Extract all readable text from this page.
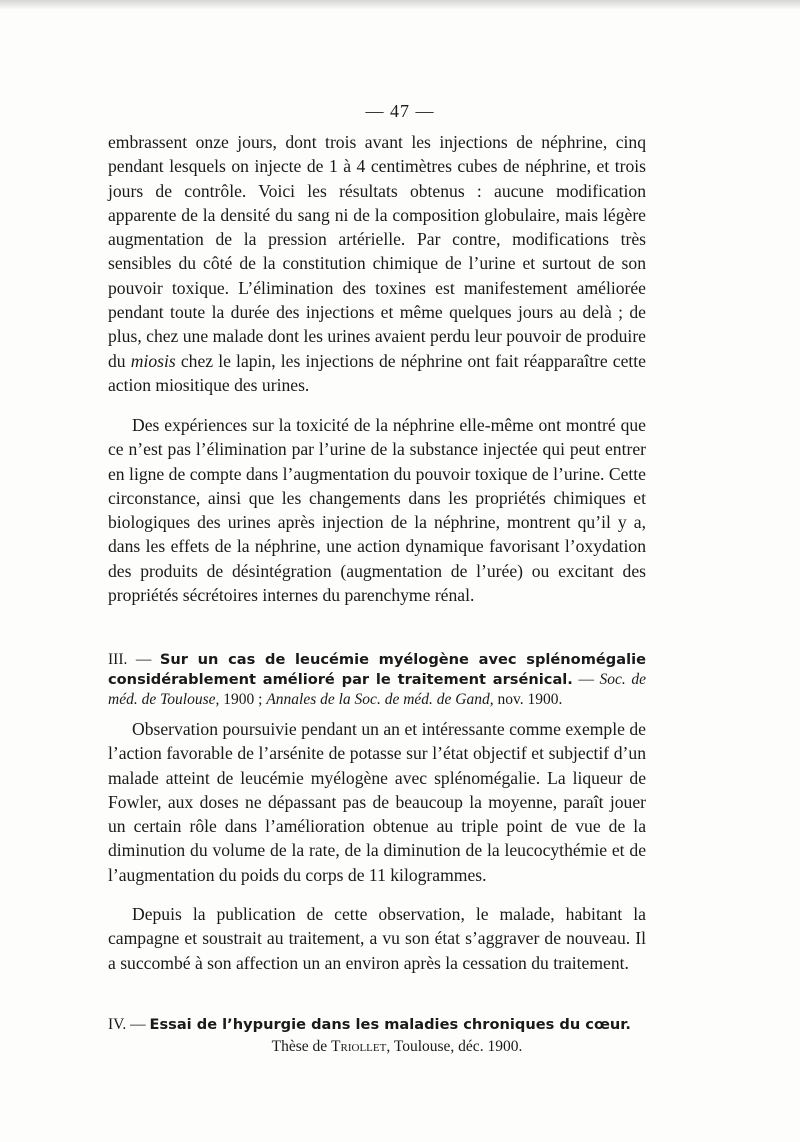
— 47 —

embrassent onze jours, dont trois avant les injections de néphrine, cinq pendant lesquels on injecte de 1 à 4 centimètres cubes de néphrine, et trois jours de contrôle. Voici les résultats obtenus : aucune modification apparente de la densité du sang ni de la composition globulaire, mais légère augmentation de la pression artérielle. Par contre, modifications très sensibles du côté de la constitution chimique de l’urine et surtout de son pouvoir toxique. L’élimination des toxines est manifestement améliorée pendant toute la durée des injections et même quelques jours au delà ; de plus, chez une malade dont les urines avaient perdu leur pouvoir de produire du miosis chez le lapin, les injections de néphrine ont fait réapparaître cette action miositique des urines.

Des expériences sur la toxicité de la néphrine elle-même ont montré que ce n’est pas l’élimination par l’urine de la substance injectée qui peut entrer en ligne de compte dans l’augmentation du pouvoir toxique de l’urine. Cette circonstance, ainsi que les changements dans les propriétés chimiques et biologiques des urines après injection de la néphrine, montrent qu’il y a, dans les effets de la néphrine, une action dynamique favorisant l’oxydation des produits de désintégration (augmentation de l’urée) ou excitant des propriétés sécrétoires internes du parenchyme rénal.

III. — Sur un cas de leucémie myélogène avec splénomégalie considérablement amélioré par le traitement arsénical. — Soc. de méd. de Toulouse, 1900 ; Annales de la Soc. de méd. de Gand, nov. 1900.

Observation poursuivie pendant un an et intéressante comme exemple de l’action favorable de l’arsénite de potasse sur l’état objectif et subjectif d’un malade atteint de leucémie myélogène avec splénomégalie. La liqueur de Fowler, aux doses ne dépassant pas de beaucoup la moyenne, paraît jouer un certain rôle dans l’amélioration obtenue au triple point de vue de la diminution du volume de la rate, de la diminution de la leucocythémie et de l’augmentation du poids du corps de 11 kilogrammes.

Depuis la publication de cette observation, le malade, habitant la campagne et soustrait au traitement, a vu son état s’aggraver de nouveau. Il a succombé à son affection un an environ après la cessation du traitement.

IV. — Essai de l’hypurgie dans les maladies chroniques du cœur.
Thèse de Triollet, Toulouse, déc. 1900.
